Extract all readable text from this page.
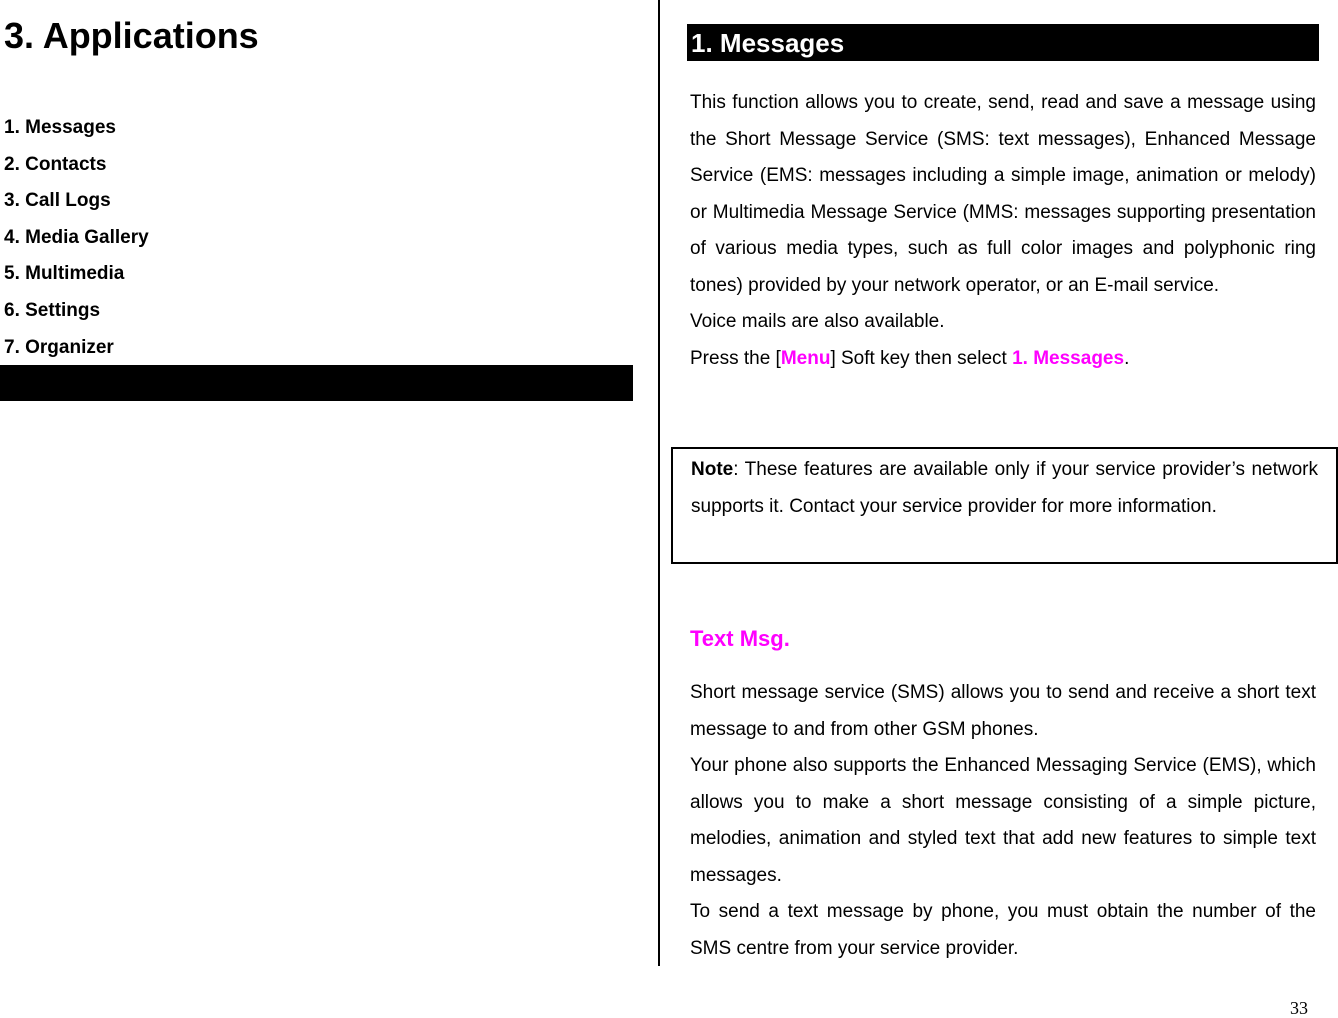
3. Applications
1. Messages
2. Contacts
3. Call Logs
4. Media Gallery
5. Multimedia
6. Settings
7. Organizer
1. Messages

This function allows you to create, send, read and save a message using the Short Message Service (SMS: text messages), Enhanced Message Service (EMS: messages including a simple image, animation or melody) or Multimedia Message Service (MMS: messages supporting presentation of various media types, such as full color images and polyphonic ring tones) provided by your network operator, or an E-mail service.

Voice mails are also available.

Press the [Menu] Soft key then select 1. Messages.

Note: These features are available only if your service provider’s network supports it. Contact your service provider for more information.
Text Msg.

Short message service (SMS) allows you to send and receive a short text message to and from other GSM phones.

Your phone also supports the Enhanced Messaging Service (EMS), which allows you to make a short message consisting of a simple picture, melodies, animation and styled text that add new features to simple text messages.

To send a text message by phone, you must obtain the number of the SMS centre from your service provider.

33
